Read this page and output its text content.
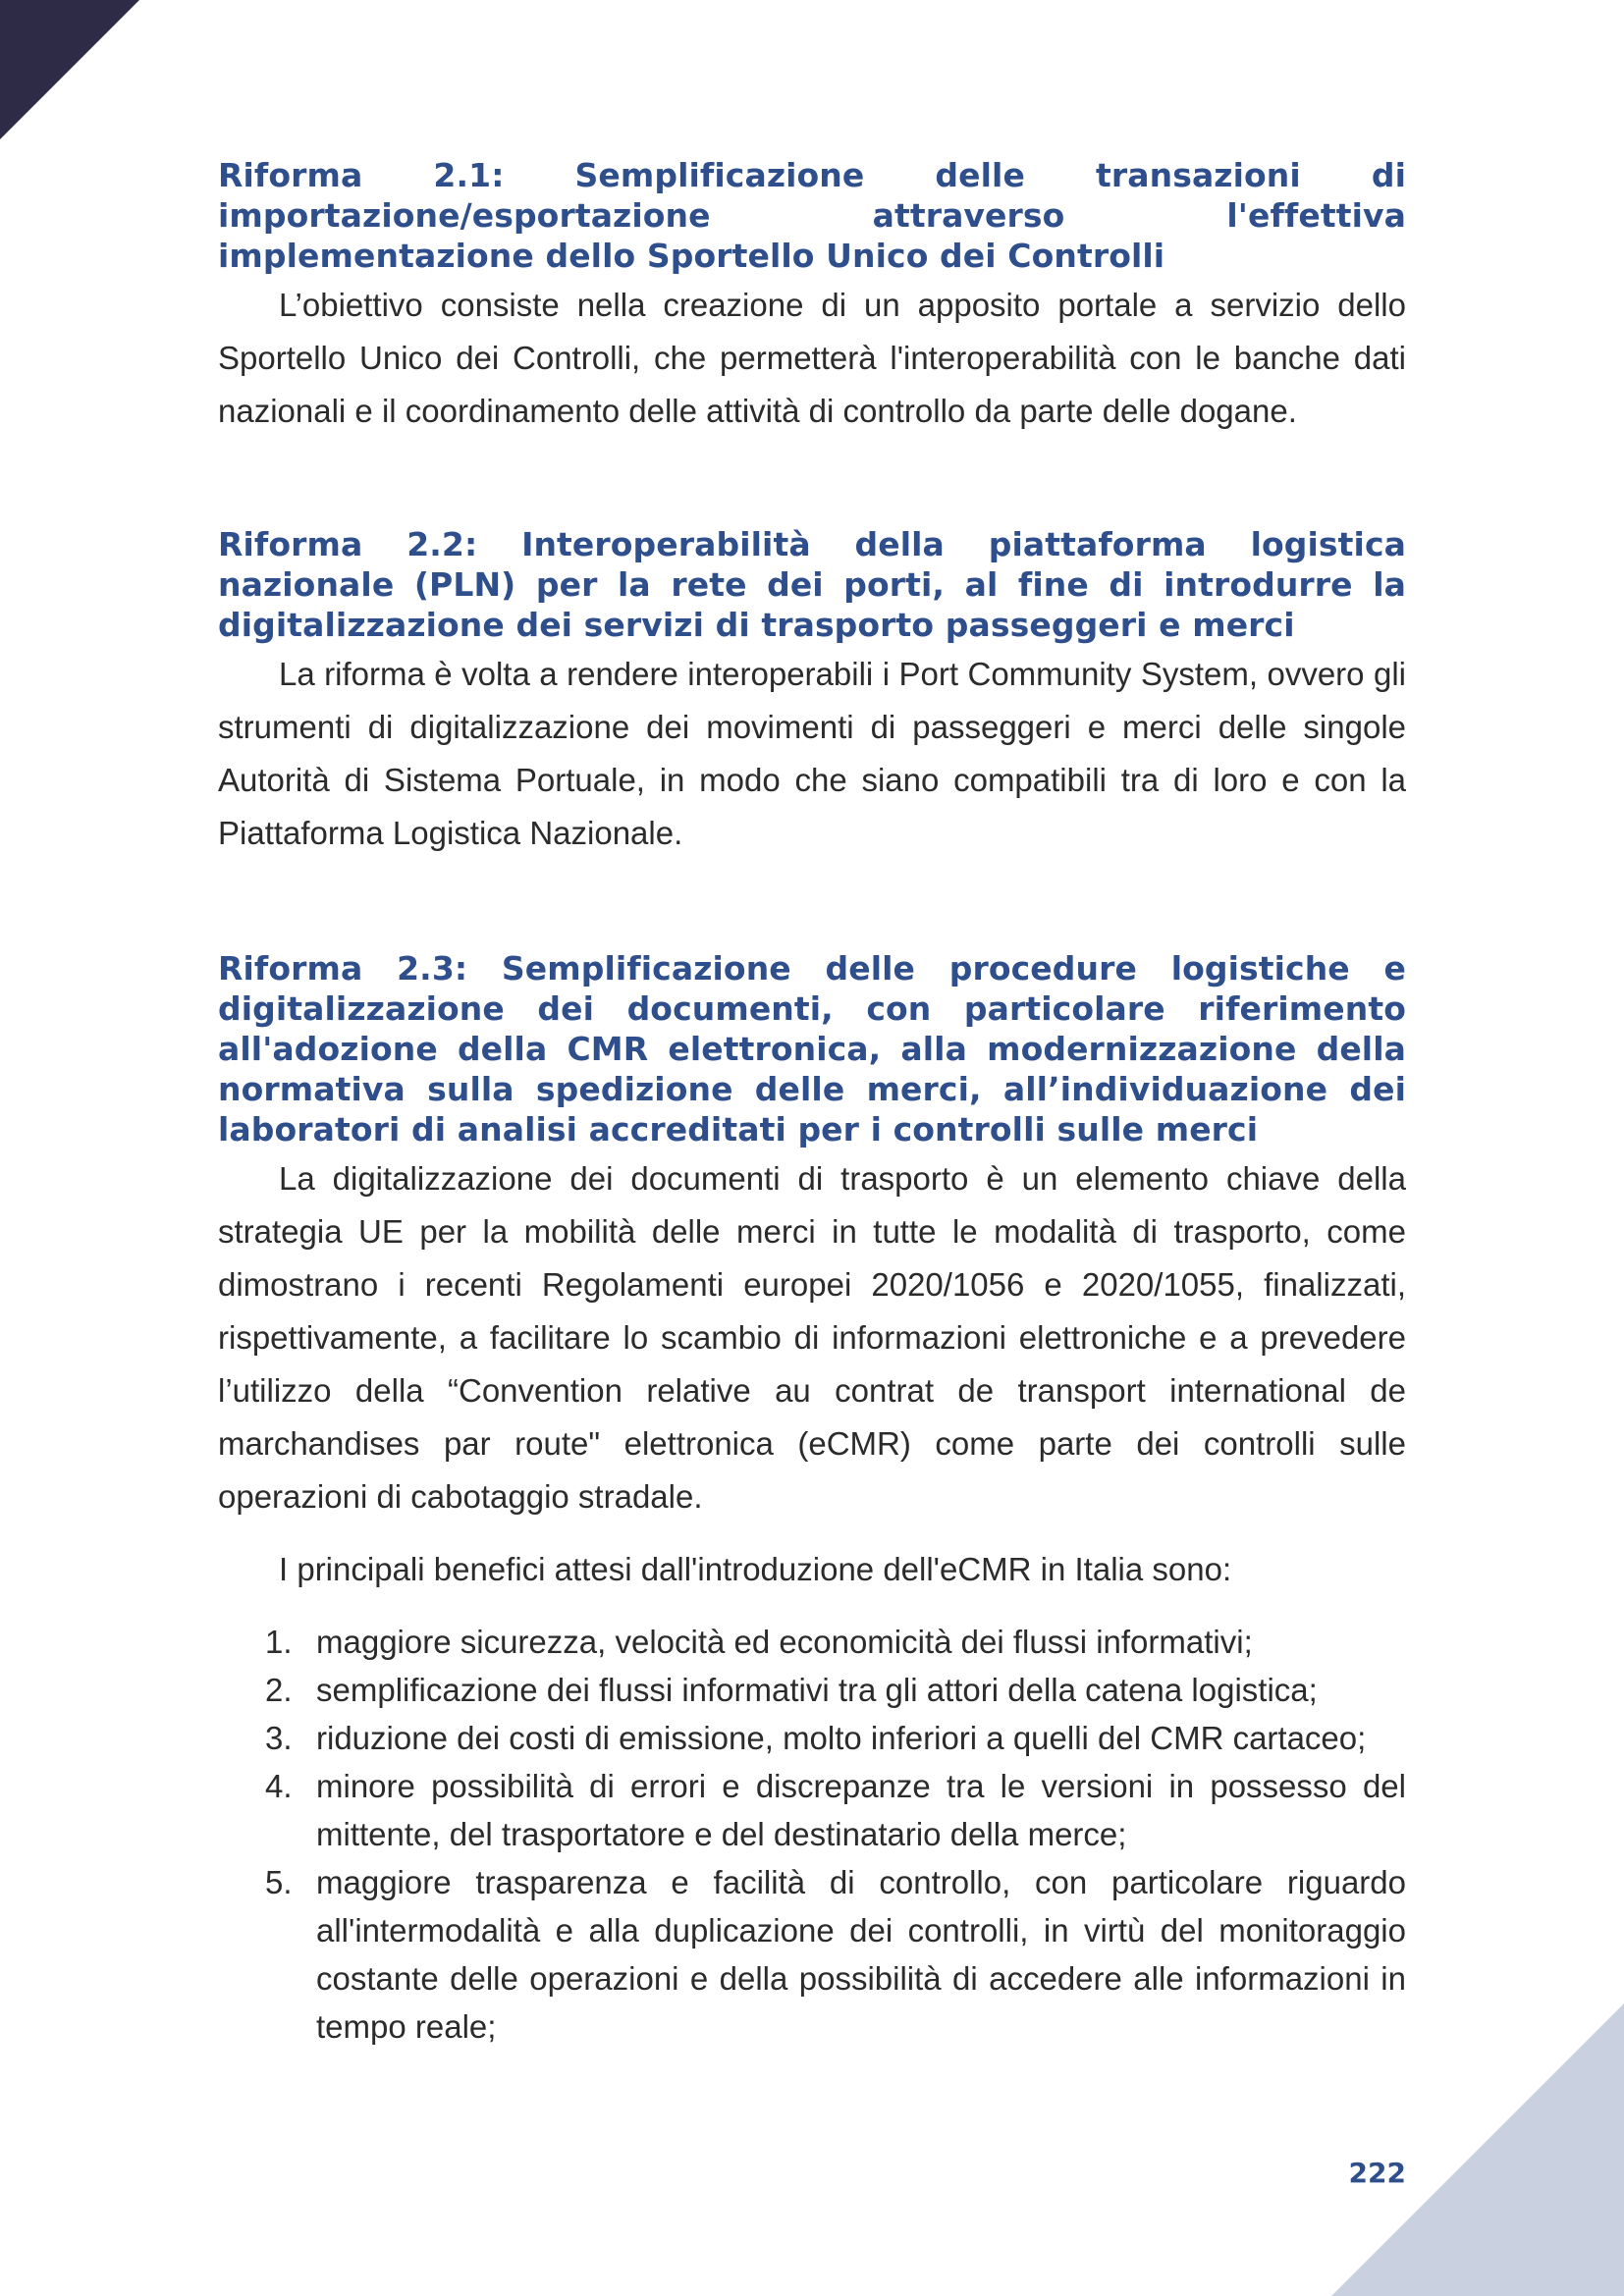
Riforma 2.1: Semplificazione delle transazioni di importazione/esportazione attraverso l'effettiva implementazione dello Sportello Unico dei Controlli

L’obiettivo consiste nella creazione di un apposito portale a servizio dello Sportello Unico dei Controlli, che permetterà l'interoperabilità con le banche dati nazionali e il coordinamento delle attività di controllo da parte delle dogane.

Riforma 2.2: Interoperabilità della piattaforma logistica nazionale (PLN) per la rete dei porti, al fine di introdurre la digitalizzazione dei servizi di trasporto passeggeri e merci

La riforma è volta a rendere interoperabili i Port Community System, ovvero gli strumenti di digitalizzazione dei movimenti di passeggeri e merci delle singole Autorità di Sistema Portuale, in modo che siano compatibili tra di loro e con la Piattaforma Logistica Nazionale.

Riforma 2.3: Semplificazione delle procedure logistiche e digitalizzazione dei documenti, con particolare riferimento all'adozione della CMR elettronica, alla modernizzazione della normativa sulla spedizione delle merci, all’individuazione dei laboratori di analisi accreditati per i controlli sulle merci

La digitalizzazione dei documenti di trasporto è un elemento chiave della strategia UE per la mobilità delle merci in tutte le modalità di trasporto, come dimostrano i recenti Regolamenti europei 2020/1056 e 2020/1055, finalizzati, rispettivamente, a facilitare lo scambio di informazioni elettroniche e a prevedere l’utilizzo della “Convention relative au contrat de transport international de marchandises par route" elettronica (eCMR) come parte dei controlli sulle operazioni di cabotaggio stradale.

I principali benefici attesi dall'introduzione dell'eCMR in Italia sono:

1. maggiore sicurezza, velocità ed economicità dei flussi informativi;
2. semplificazione dei flussi informativi tra gli attori della catena logistica;
3. riduzione dei costi di emissione, molto inferiori a quelli del CMR cartaceo;
4. minore possibilità di errori e discrepanze tra le versioni in possesso del mittente, del trasportatore e del destinatario della merce;
5. maggiore trasparenza e facilità di controllo, con particolare riguardo all'intermodalità e alla duplicazione dei controlli, in virtù del monitoraggio costante delle operazioni e della possibilità di accedere alle informazioni in tempo reale;
222
